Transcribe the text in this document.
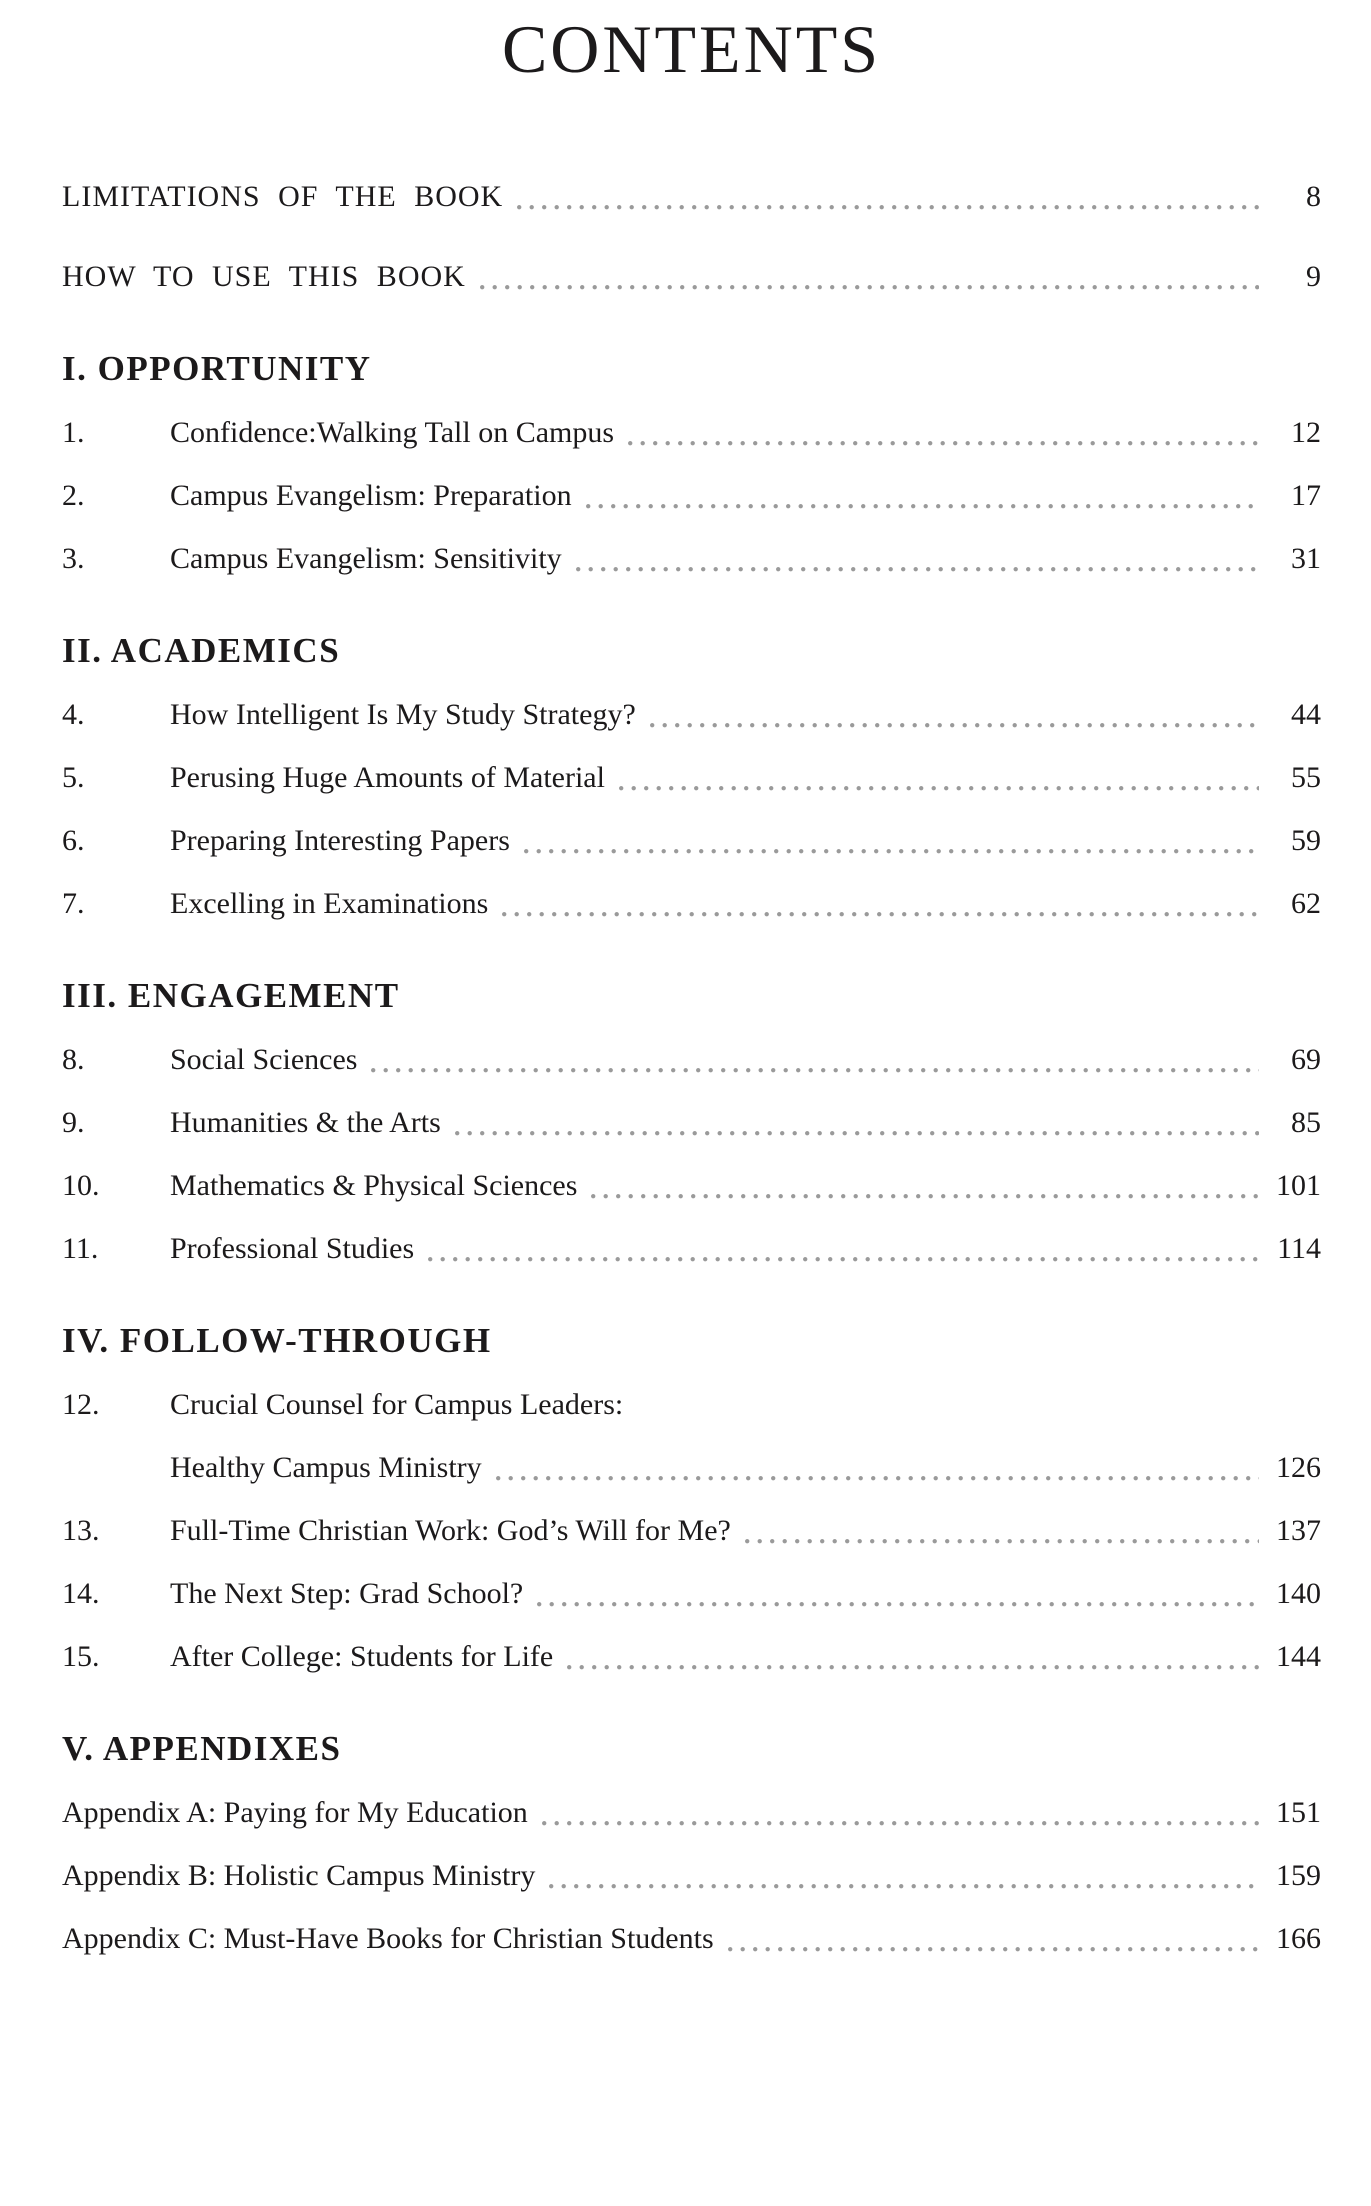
CONTENTS
LIMITATIONS OF THE BOOK	8
HOW TO USE THIS BOOK	9
I. OPPORTUNITY
1.	Confidence:Walking Tall on Campus	12
2.	Campus Evangelism: Preparation	17
3.	Campus Evangelism: Sensitivity	31
II. ACADEMICS
4.	How Intelligent Is My Study Strategy?	44
5.	Perusing Huge Amounts of Material	55
6.	Preparing Interesting Papers	59
7.	Excelling in Examinations	62
III. ENGAGEMENT
8.	Social Sciences	69
9.	Humanities & the Arts	85
10.	Mathematics & Physical Sciences	101
11.	Professional Studies	114
IV. FOLLOW-THROUGH
12.	Crucial Counsel for Campus Leaders:
Healthy Campus Ministry	126
13.	Full-Time Christian Work: God’s Will for Me?	137
14.	The Next Step: Grad School?	140
15.	After College: Students for Life	144
V. APPENDIXES
Appendix A: Paying for My Education	151
Appendix B: Holistic Campus Ministry	159
Appendix C: Must-Have Books for Christian Students	166
